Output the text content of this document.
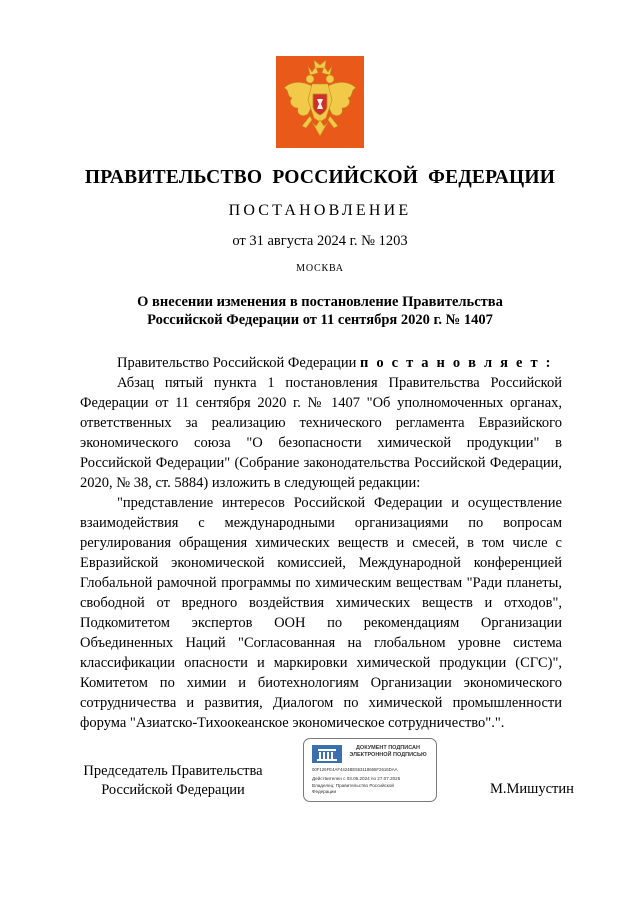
ПРАВИТЕЛЬСТВО РОССИЙСКОЙ ФЕДЕРАЦИИ
ПОСТАНОВЛЕНИЕ
от 31 августа 2024 г. № 1203
МОСКВА
О внесении изменения в постановление Правительства
Российской Федерации от 11 сентября 2020 г. № 1407

Правительство Российской Федерации п о с т а н о в л я е т :

Абзац пятый пункта 1 постановления Правительства Российской Федерации от 11 сентября 2020 г. № 1407 "Об уполномоченных органах, ответственных за реализацию технического регламента Евразийского экономического союза "О безопасности химической продукции" в Российской Федерации" (Собрание законодательства Российской Федерации, 2020, № 38, ст. 5884) изложить в следующей редакции:

"представление интересов Российской Федерации и осуществление взаимодействия с международными организациями по вопросам регулирования обращения химических веществ и смесей, в том числе с Евразийской экономической комиссией, Международной конференцией Глобальной рамочной программы по химическим веществам "Ради планеты, свободной от вредного воздействия химических веществ и отходов", Подкомитетом экспертов ООН по рекомендациям Организации Объединенных Наций "Согласованная на глобальном уровне система классификации опасности и маркировки химической продукции (СГС)", Комитетом по химии и биотехнологиям Организации экономического сотрудничества и развития, Диалогом по химической промышленности форума "Азиатско-Тихоокеанское экономическое сотрудничество".".

Председатель Правительства
Российской Федерации
ДОКУМЕНТ ПОДПИСАН
ЭЛЕКТРОННОЙ ПОДПИСЬЮ
00F126FE4AF4424BE553118665F2616DAA
Действителен с 03.05.2024 по 27.07.2025
Владелец: Правительство Российской
Федерации	М.Мишустин
